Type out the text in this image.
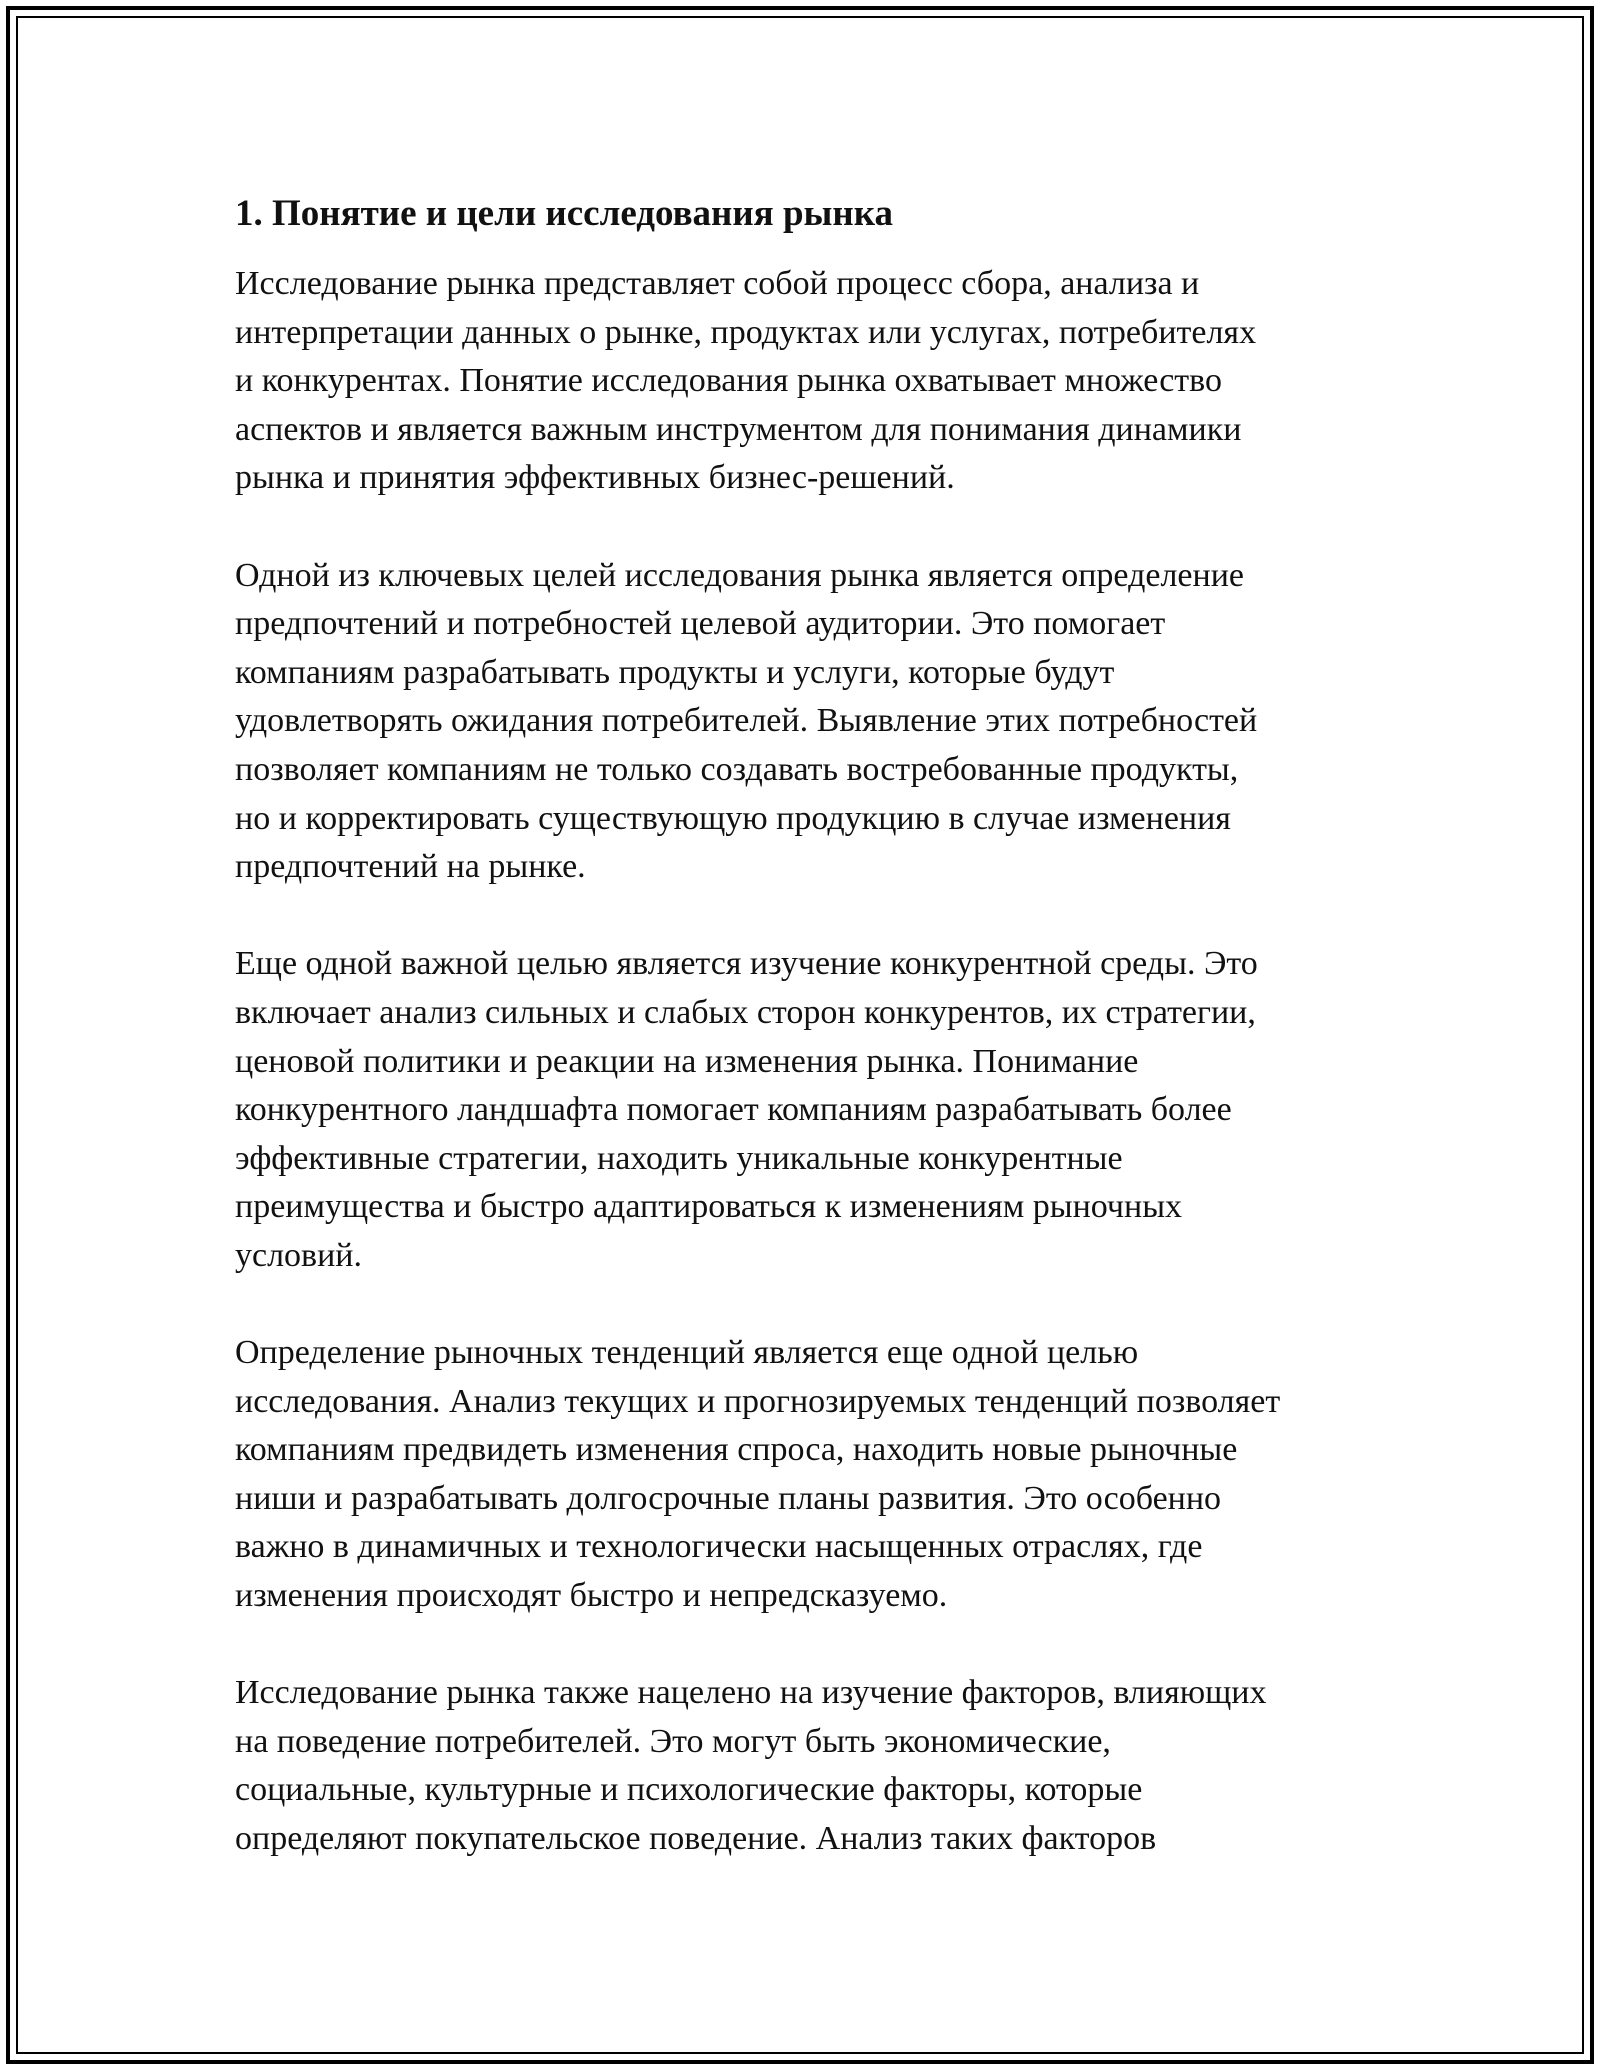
1. Понятие и цели исследования рынка

Исследование рынка представляет собой процесс сбора, анализа и
интерпретации данных о рынке, продуктах или услугах, потребителях
и конкурентах. Понятие исследования рынка охватывает множество
аспектов и является важным инструментом для понимания динамики
рынка и принятия эффективных бизнес-решений.

Одной из ключевых целей исследования рынка является определение
предпочтений и потребностей целевой аудитории. Это помогает
компаниям разрабатывать продукты и услуги, которые будут
удовлетворять ожидания потребителей. Выявление этих потребностей
позволяет компаниям не только создавать востребованные продукты,
но и корректировать существующую продукцию в случае изменения
предпочтений на рынке.

Еще одной важной целью является изучение конкурентной среды. Это
включает анализ сильных и слабых сторон конкурентов, их стратегии,
ценовой политики и реакции на изменения рынка. Понимание
конкурентного ландшафта помогает компаниям разрабатывать более
эффективные стратегии, находить уникальные конкурентные
преимущества и быстро адаптироваться к изменениям рыночных
условий.

Определение рыночных тенденций является еще одной целью
исследования. Анализ текущих и прогнозируемых тенденций позволяет
компаниям предвидеть изменения спроса, находить новые рыночные
ниши и разрабатывать долгосрочные планы развития. Это особенно
важно в динамичных и технологически насыщенных отраслях, где
изменения происходят быстро и непредсказуемо.

Исследование рынка также нацелено на изучение факторов, влияющих
на поведение потребителей. Это могут быть экономические,
социальные, культурные и психологические факторы, которые
определяют покупательское поведение. Анализ таких факторов
